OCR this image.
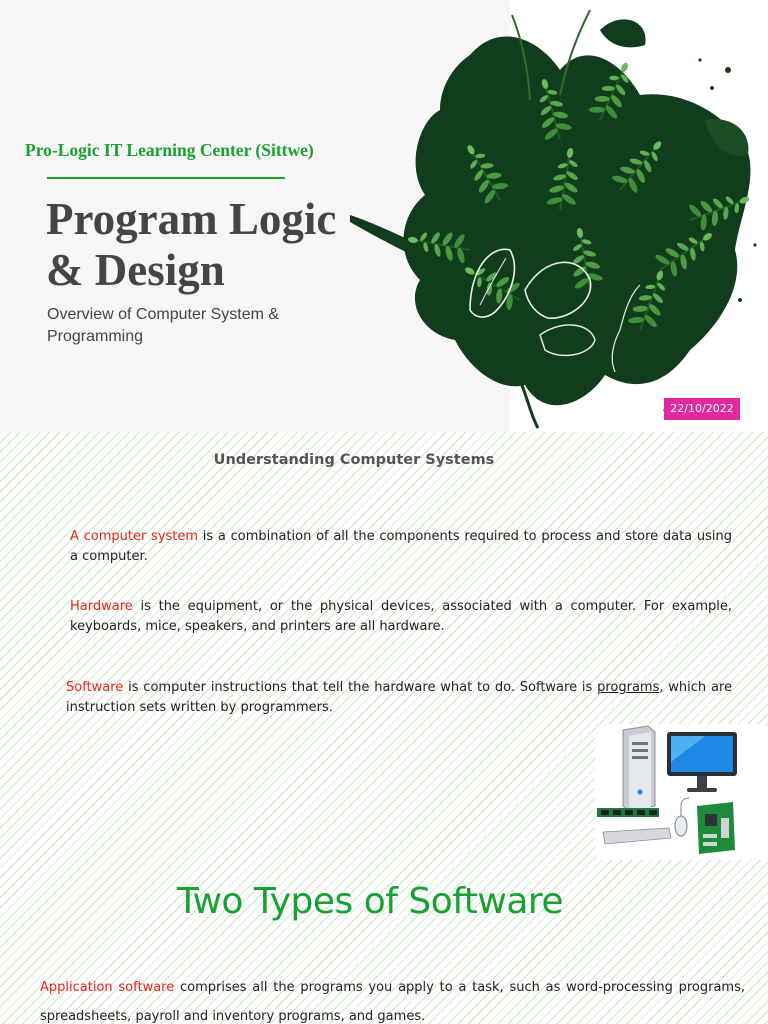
Pro-Logic IT Learning Center (Sittwe)
Program Logic
& Design
Overview of Computer System & Programming
22/10/2022
Understanding Computer Systems

A computer system is a combination of all the components required to process and store data using a computer.

Hardware is the equipment, or the physical devices, associated with a computer. For example, keyboards, mice, speakers, and printers are all hardware.

Software is computer instructions that tell the hardware what to do. Software is programs, which are instruction sets written by programmers.

Two Types of Software

Application software comprises all the programs you apply to a task, such as word-processing programs, spreadsheets, payroll and inventory programs, and games.
